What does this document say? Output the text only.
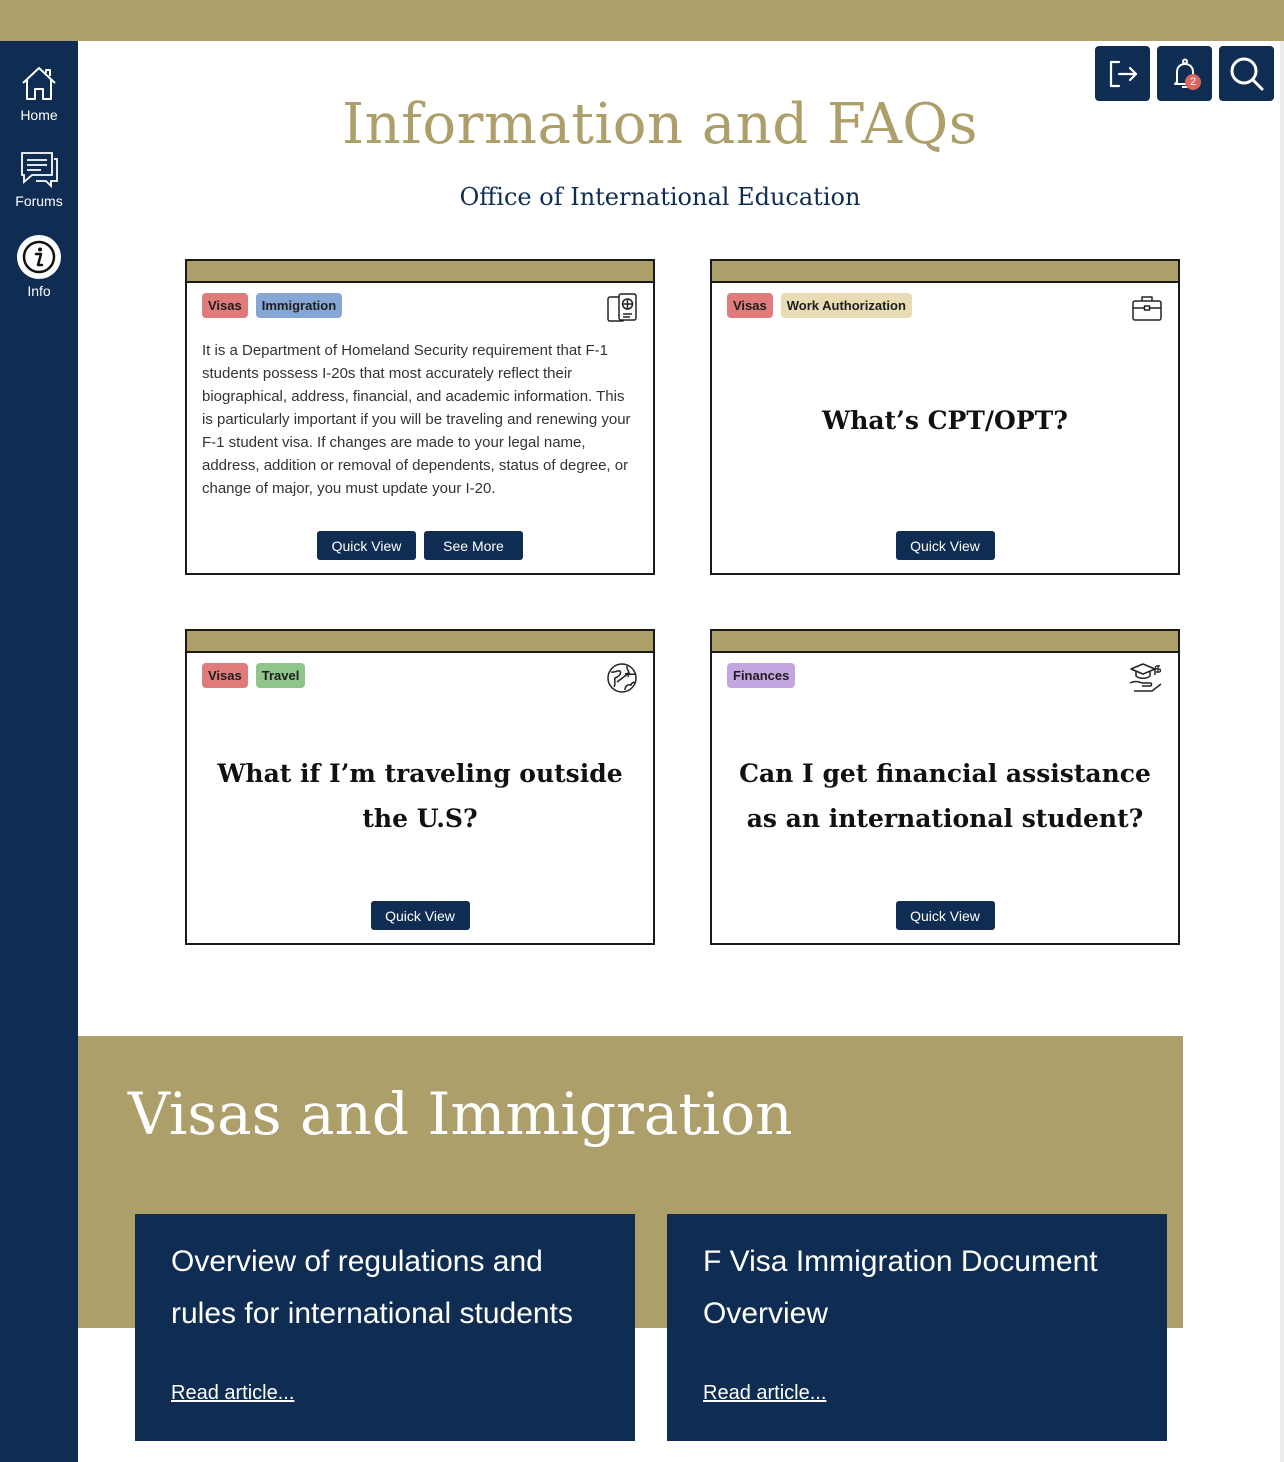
Home
Forums
Info
2
Information and FAQs
Office of International Education
Visas	Immigration

It is a Department of Homeland Security requirement that F-1 students possess I-20s that most accurately reflect their biographical, address, financial, and academic information. This is particularly important if you will be traveling and renewing your F-1 student visa. If changes are made to your legal name, address, addition or removal of dependents, status of degree, or change of major, you must update your I-20.

Quick View	See More
Visas	Work Authorization

What’s CPT/OPT?

Quick View
Visas	Travel

What if I’m traveling outside the U.S?

Quick View
Finances

Can I get financial assistance as an international student?

Quick View
Visas and Immigration

Overview of regulations and rules for international students

Read article...

F Visa Immigration Document Overview

Read article...
